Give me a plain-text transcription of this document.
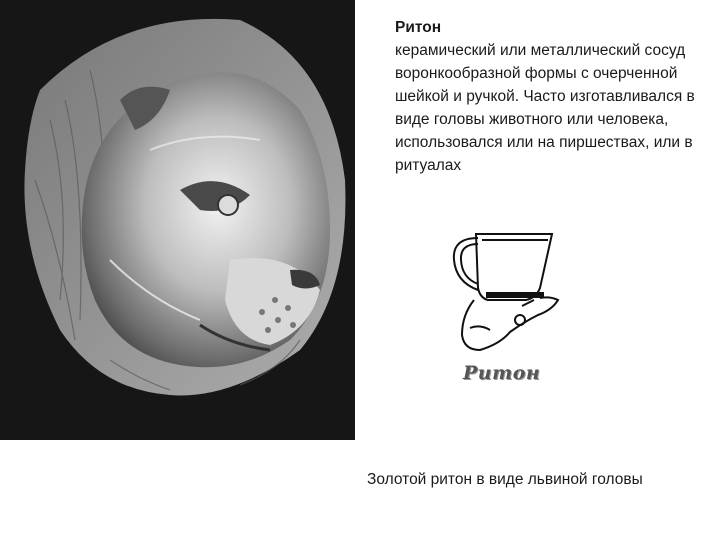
Ритон
керамический или металлический сосуд воронкообразной формы с очерченной шейкой и ручкой. Часто изготавливался в виде головы животного или человека, использовался или на пиршествах, или в ритуалах
Ритон
Золотой ритон в виде львиной головы
